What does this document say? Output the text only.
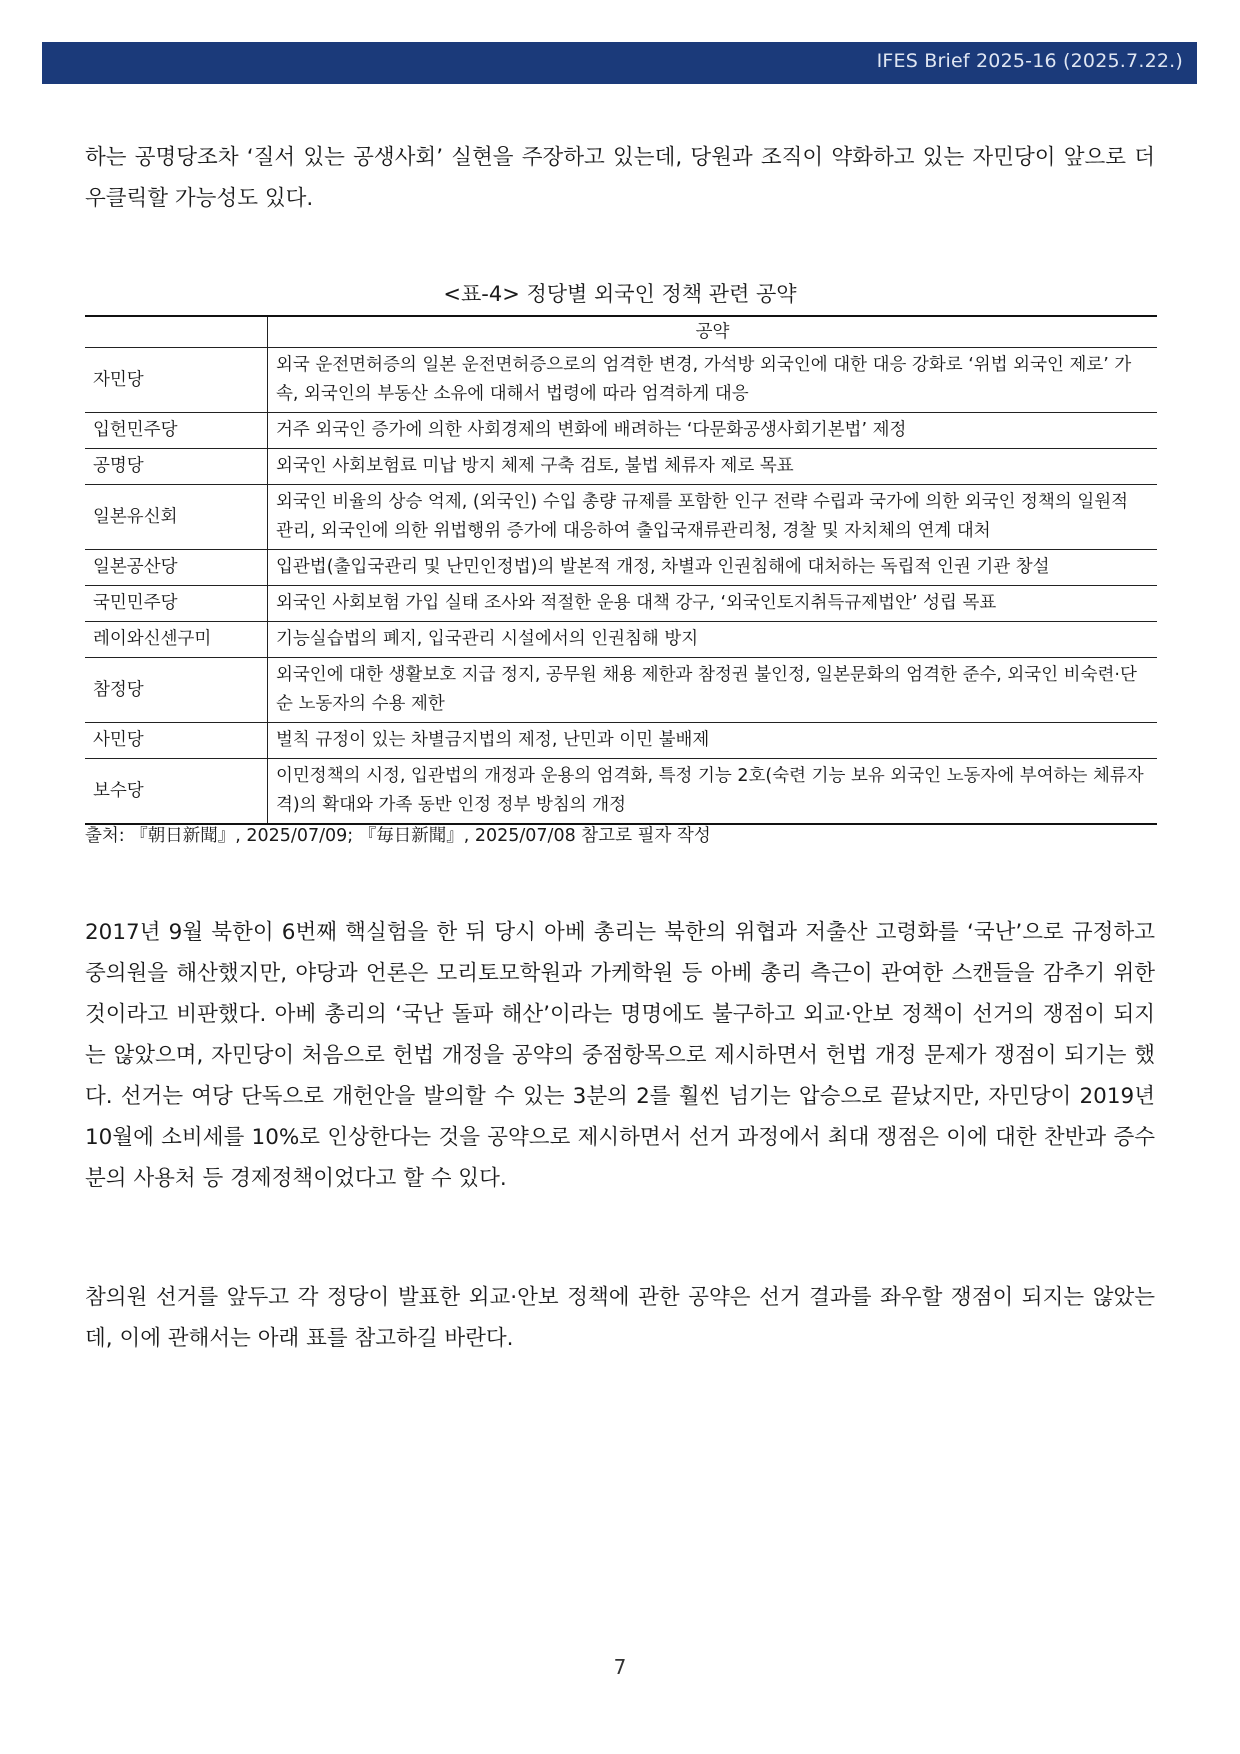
IFES Brief 2025-16 (2025.7.22.)
하는 공명당조차 ‘질서 있는 공생사회’ 실현을 주장하고 있는데, 당원과 조직이 약화하고 있는 자민당이 앞으로 더 우클릭할 가능성도 있다.
<표-4> 정당별 외국인 정책 관련 공약
	공약
자민당	외국 운전면허증의 일본 운전면허증으로의 엄격한 변경, 가석방 외국인에 대한 대응 강화로 ‘위법 외국인 제로’ 가속, 외국인의 부동산 소유에 대해서 법령에 따라 엄격하게 대응
입헌민주당	거주 외국인 증가에 의한 사회경제의 변화에 배려하는 ‘다문화공생사회기본법’ 제정
공명당	외국인 사회보험료 미납 방지 체제 구축 검토, 불법 체류자 제로 목표
일본유신회	외국인 비율의 상승 억제, (외국인) 수입 총량 규제를 포함한 인구 전략 수립과 국가에 의한 외국인 정책의 일원적 관리, 외국인에 의한 위법행위 증가에 대응하여 출입국재류관리청, 경찰 및 자치체의 연계 대처
일본공산당	입관법(출입국관리 및 난민인정법)의 발본적 개정, 차별과 인권침해에 대처하는 독립적 인권 기관 창설
국민민주당	외국인 사회보험 가입 실태 조사와 적절한 운용 대책 강구, ‘외국인토지취득규제법안’ 성립 목표
레이와신센구미	기능실습법의 폐지, 입국관리 시설에서의 인권침해 방지
참정당	외국인에 대한 생활보호 지급 정지, 공무원 채용 제한과 참정권 불인정, 일본문화의 엄격한 준수, 외국인 비숙련·단순 노동자의 수용 제한
사민당	벌칙 규정이 있는 차별금지법의 제정, 난민과 이민 불배제
보수당	이민정책의 시정, 입관법의 개정과 운용의 엄격화, 특정 기능 2호(숙련 기능 보유 외국인 노동자에 부여하는 체류자격)의 확대와 가족 동반 인정 정부 방침의 개정
출처: 『朝日新聞』, 2025/07/09; 『毎日新聞』, 2025/07/08 참고로 필자 작성
2017년 9월 북한이 6번째 핵실험을 한 뒤 당시 아베 총리는 북한의 위협과 저출산 고령화를 ‘국난’으로 규정하고 중의원을 해산했지만, 야당과 언론은 모리토모학원과 가케학원 등 아베 총리 측근이 관여한 스캔들을 감추기 위한 것이라고 비판했다. 아베 총리의 ‘국난 돌파 해산’이라는 명명에도 불구하고 외교·안보 정책이 선거의 쟁점이 되지는 않았으며, 자민당이 처음으로 헌법 개정을 공약의 중점항목으로 제시하면서 헌법 개정 문제가 쟁점이 되기는 했다. 선거는 여당 단독으로 개헌안을 발의할 수 있는 3분의 2를 훨씬 넘기는 압승으로 끝났지만, 자민당이 2019년 10월에 소비세를 10%로 인상한다는 것을 공약으로 제시하면서 선거 과정에서 최대 쟁점은 이에 대한 찬반과 증수분의 사용처 등 경제정책이었다고 할 수 있다.
참의원 선거를 앞두고 각 정당이 발표한 외교·안보 정책에 관한 공약은 선거 결과를 좌우할 쟁점이 되지는 않았는데, 이에 관해서는 아래 표를 참고하길 바란다.
7
